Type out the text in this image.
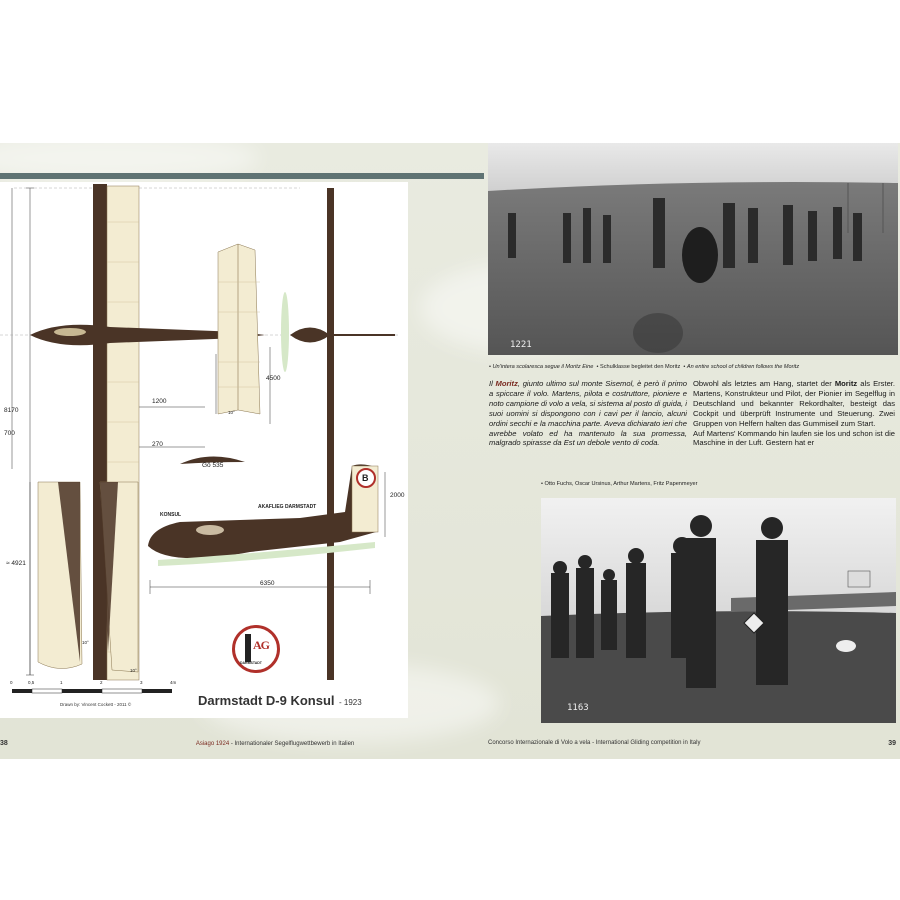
B
8170
700
1200
270
4500
2000
6350
≈ 4921
Gö 535
AKAFLIEG DARMSTADT
KONSUL
10°
10°
10°
0	0,5	1	2	3	4m
Drawn by: Vincent Cockett - 2011 ©
AG
DARMSTADT
Darmstadt D-9 Konsul - 1923
1221
• Un'intera scolaresca segue il Moritz Eine  • Schulklasse begleitet den Moritz  • An entire school of children follows the Moritz
Il Moritz, giunto ultimo sul monte Sisemol, è però il primo a spiccare il volo. Martens, pilota e costruttore, pioniere e noto campione di volo a vela, si sistema al posto di guida, i suoi uomini si dispongono con i cavi per il lancio, alcuni ordini secchi e la macchina parte. Aveva dichiarato ieri che avrebbe volato ed ha mantenuto la sua promessa, malgrado spirasse da Est un debole vento di coda.
Obwohl als letztes am Hang, startet der Moritz als Erster. Martens, Konstrukteur und Pilot, der Pionier im Segelflug in Deutschland und bekannter Rekordhalter, besteigt das Cockpit und überprüft Instrumente und Steuerung. Zwei Gruppen von Helfern halten das Gummiseil zum Start.
Auf Martens' Kommando hin laufen sie los und schon ist die Maschine in der Luft. Gestern hat er
• Otto Fuchs, Oscar Ursinus, Arthur Martens, Fritz Papenmeyer
1163
38	Asiago 1924 - Internationaler Segelflugwettbewerb in Italien	Concorso Internazionale di Volo a vela - International Gliding competition in Italy	39
